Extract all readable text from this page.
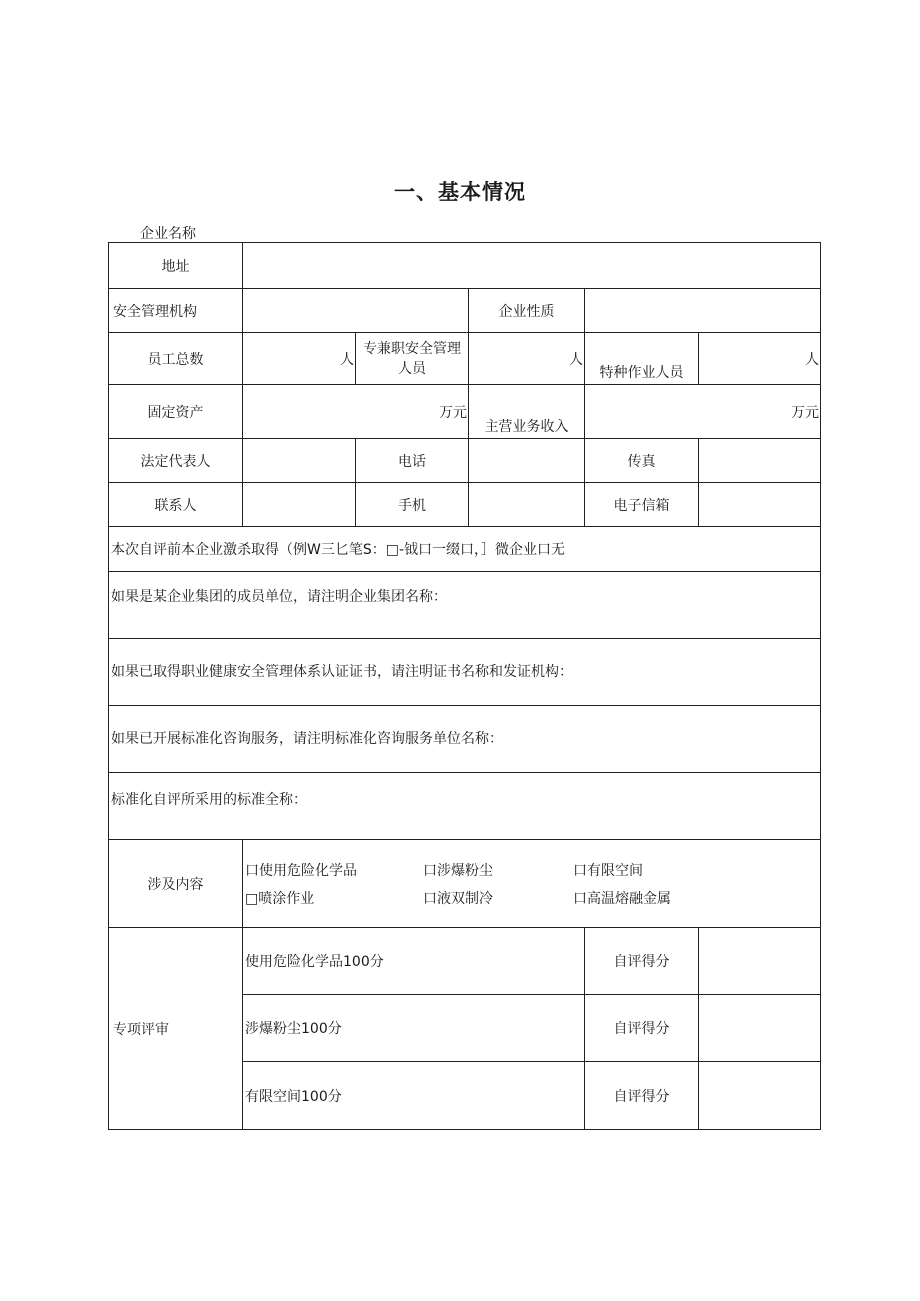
一、基本情况
企业名称
地址	
安全管理机构		企业性质	
员工总数	人	专兼职安全管理人员	人	特种作业人员	人
固定资产	万元	主营业务收入	万元
法定代表人		电话		传真	
联系人		手机		电子信箱	
本次自评前本企业激杀取得（例W三匕笔S：□-钺口一缀口，］微企业口无
如果是某企业集团的成员单位，请注明企业集团名称：
如果已取得职业健康安全管理体系认证证书，请注明证书名称和发证机构：
如果已开展标准化咨询服务，请注明标准化咨询服务单位名称：
标准化自评所采用的标准全称：
涉及内容	
口使用危险化学品	口涉爆粉尘	口有限空间
□喷涂作业	口液双制冷	口高温熔融金属

专项评审	使用危险化学品100分	自评得分	
涉爆粉尘100分	自评得分	
有限空间100分	自评得分	
